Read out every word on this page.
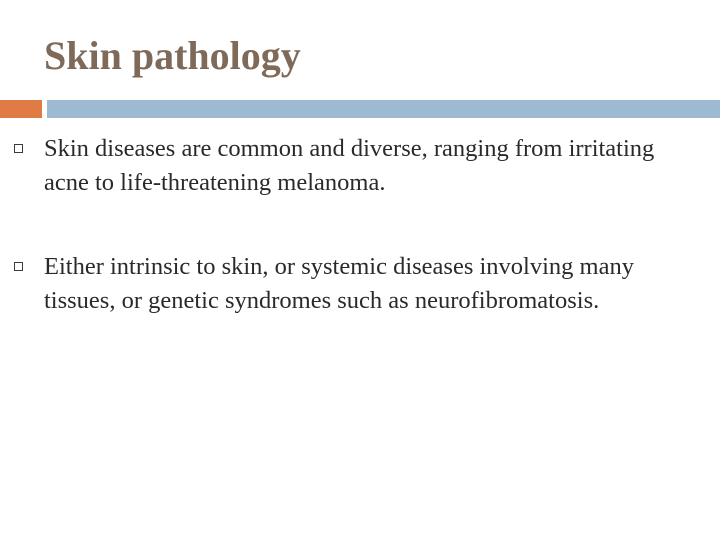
Skin pathology
Skin diseases are common and diverse, ranging from irritating acne to life-threatening melanoma.
Either intrinsic to skin, or systemic diseases involving many tissues, or genetic syndromes such as neurofibromatosis.
